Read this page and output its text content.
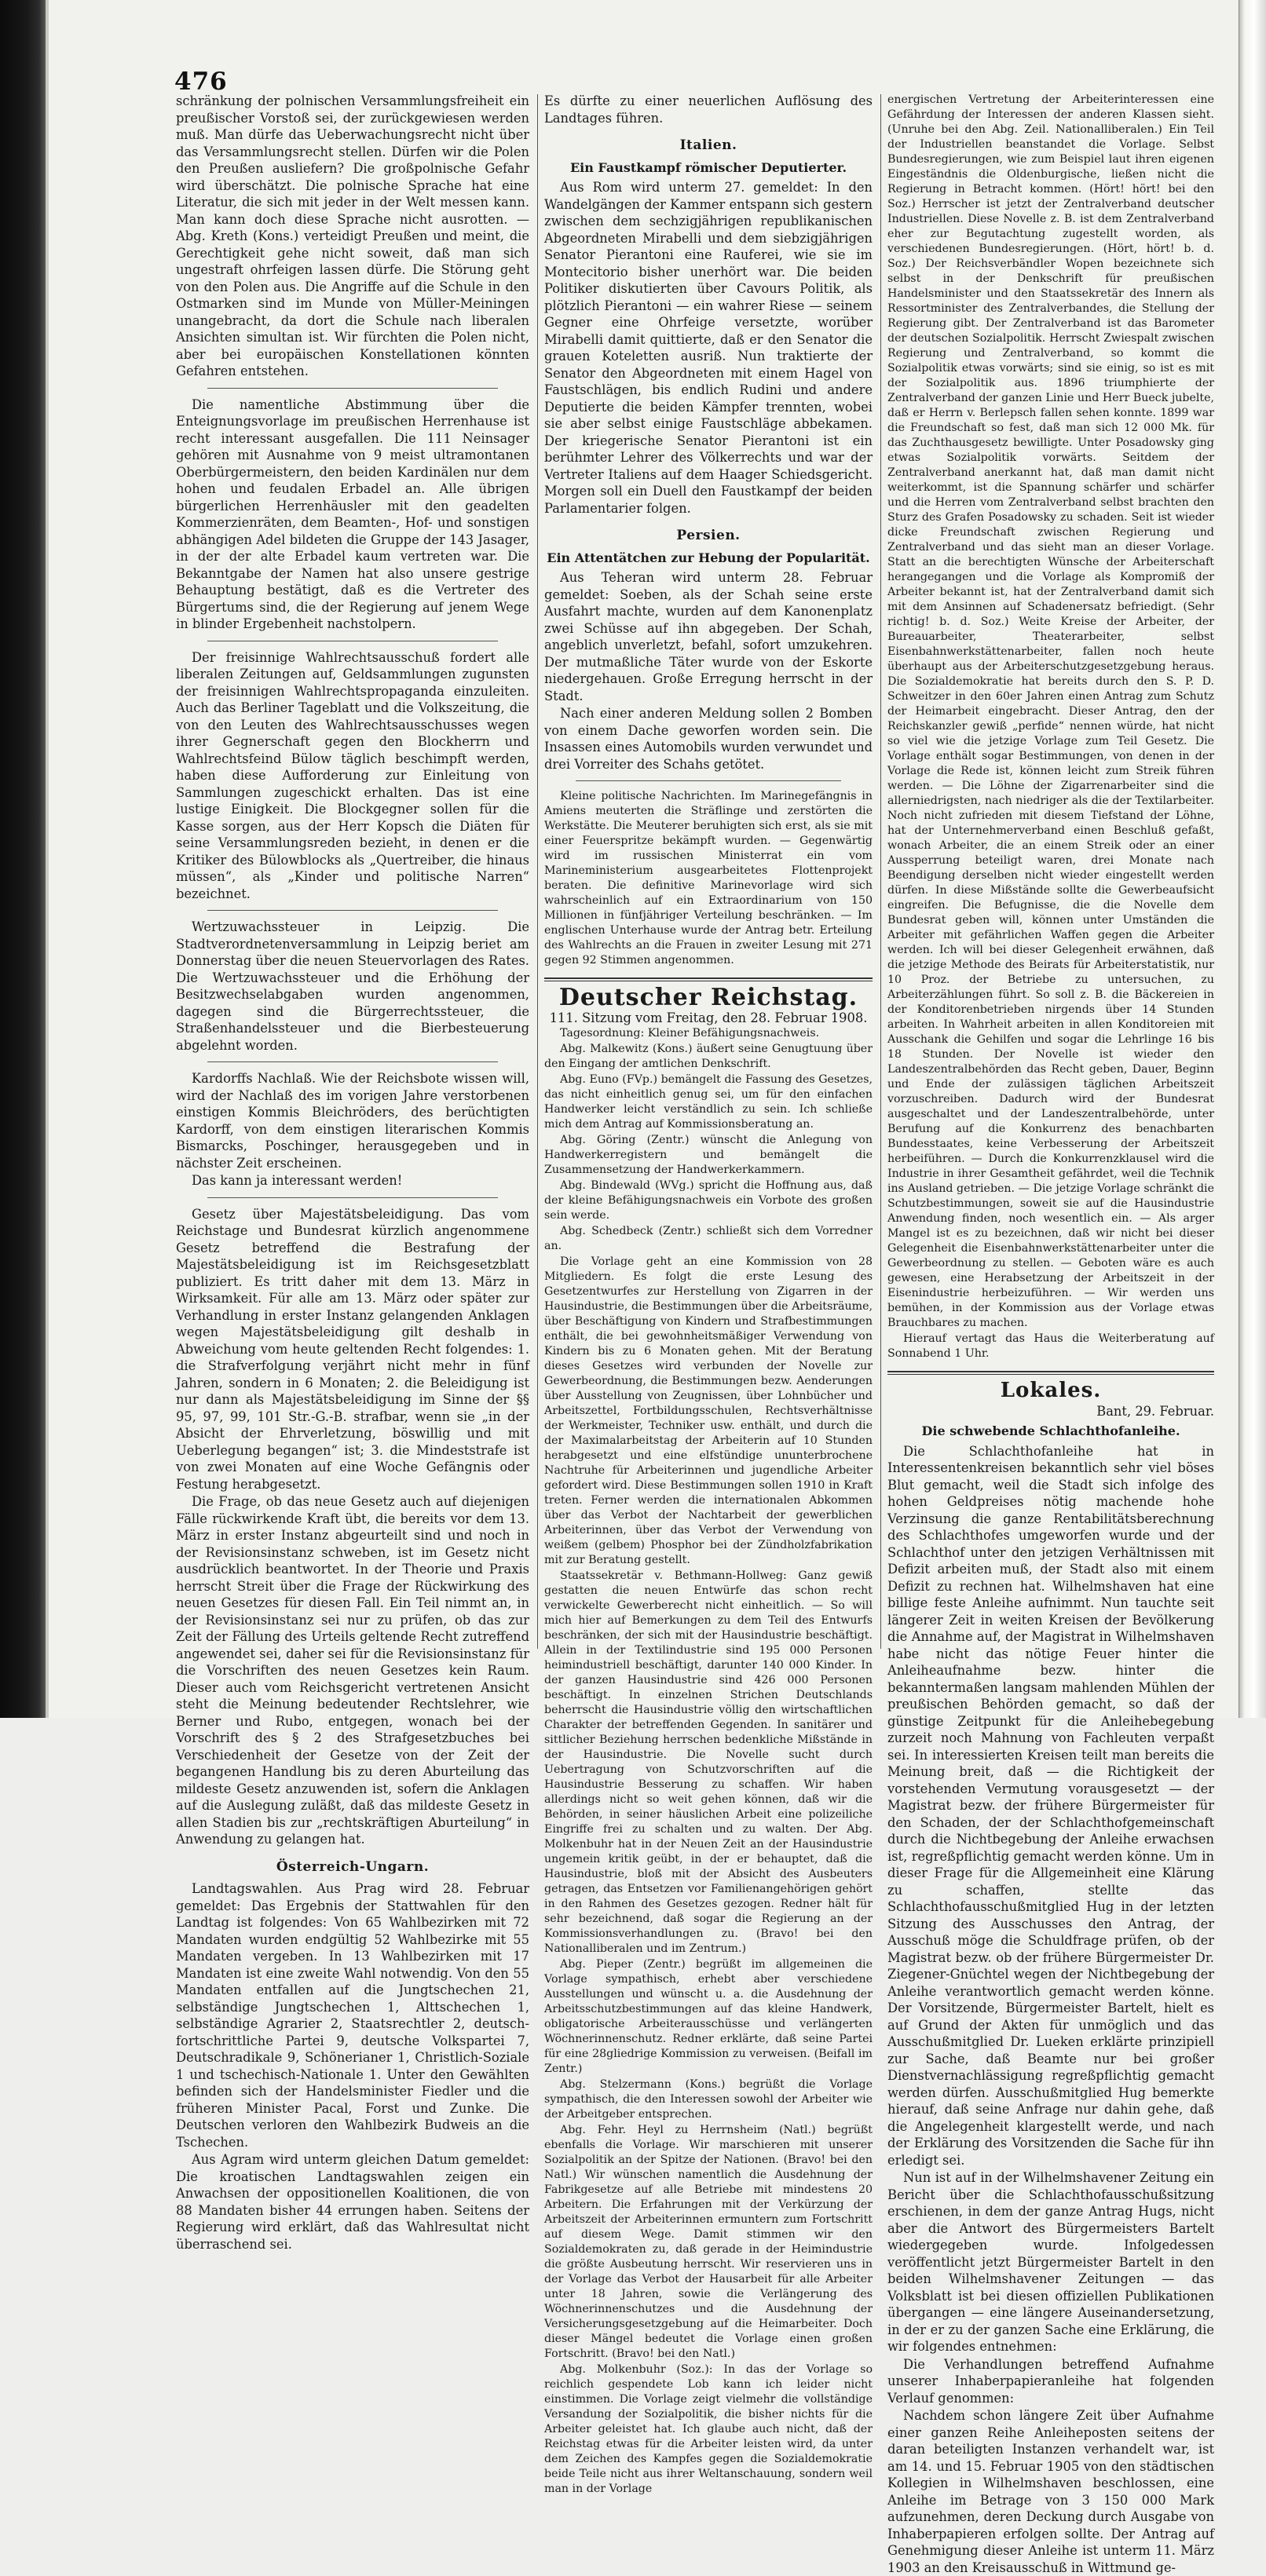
476

schränkung der polnischen Versammlungsfreiheit ein preußischer Vorstoß sei, der zurückgewiesen werden muß. Man dürfe das Ueberwachungsrecht nicht über das Versammlungsrecht stellen. Dürfen wir die Polen den Preußen ausliefern? Die großpolnische Gefahr wird überschätzt. Die polnische Sprache hat eine Literatur, die sich mit jeder in der Welt messen kann. Man kann doch diese Sprache nicht ausrotten. — Abg. Kreth (Kons.) verteidigt Preußen und meint, die Gerechtigkeit gehe nicht soweit, daß man sich ungestraft ohrfeigen lassen dürfe. Die Störung geht von den Polen aus. Die Angriffe auf die Schule in den Ostmarken sind im Munde von Müller-Meiningen unangebracht, da dort die Schule nach liberalen Ansichten simultan ist. Wir fürchten die Polen nicht, aber bei europäischen Konstellationen könnten Gefahren entstehen.

Die namentliche Abstimmung über die Enteignungsvorlage im preußischen Herrenhause ist recht interessant ausgefallen. Die 111 Neinsager gehören mit Ausnahme von 9 meist ultramontanen Oberbürgermeistern, den beiden Kardinälen nur dem hohen und feudalen Erbadel an. Alle übrigen bürgerlichen Herrenhäusler mit den geadelten Kommerzienräten, dem Beamten-, Hof- und sonstigen abhängigen Adel bildeten die Gruppe der 143 Jasager, in der der alte Erbadel kaum vertreten war. Die Bekanntgabe der Namen hat also unsere gestrige Behauptung bestätigt, daß es die Vertreter des Bürgertums sind, die der Regierung auf jenem Wege in blinder Ergebenheit nachstolpern.

Der freisinnige Wahlrechtsausschuß fordert alle liberalen Zeitungen auf, Geldsammlungen zugunsten der freisinnigen Wahlrechtspropaganda einzuleiten. Auch das Berliner Tageblatt und die Volkszeitung, die von den Leuten des Wahlrechtsausschusses wegen ihrer Gegnerschaft gegen den Blockherrn und Wahlrechtsfeind Bülow täglich beschimpft werden, haben diese Aufforderung zur Einleitung von Sammlungen zugeschickt erhalten. Das ist eine lustige Einigkeit. Die Blockgegner sollen für die Kasse sorgen, aus der Herr Kopsch die Diäten für seine Versammlungsreden bezieht, in denen er die Kritiker des Bülowblocks als „Quertreiber, die hinaus müssen“, als „Kinder und politische Narren“ bezeichnet.

Wertzuwachssteuer in Leipzig. Die Stadtverordnetenversammlung in Leipzig beriet am Donnerstag über die neuen Steuervorlagen des Rates. Die Wertzuwachssteuer und die Erhöhung der Besitzwechselabgaben wurden angenommen, dagegen sind die Bürgerrechtssteuer, die Straßenhandelssteuer und die Bierbesteuerung abgelehnt worden.

Kardorffs Nachlaß. Wie der Reichsbote wissen will, wird der Nachlaß des im vorigen Jahre verstorbenen einstigen Kommis Bleichröders, des berüchtigten Kardorff, von dem einstigen literarischen Kommis Bismarcks, Poschinger, herausgegeben und in nächster Zeit erscheinen.

Das kann ja interessant werden!

Gesetz über Majestätsbeleidigung. Das vom Reichstage und Bundesrat kürzlich angenommene Gesetz betreffend die Bestrafung der Majestätsbeleidigung ist im Reichsgesetzblatt publiziert. Es tritt daher mit dem 13. März in Wirksamkeit. Für alle am 13. März oder später zur Verhandlung in erster Instanz gelangenden Anklagen wegen Majestätsbeleidigung gilt deshalb in Abweichung vom heute geltenden Recht folgendes: 1. die Strafverfolgung verjährt nicht mehr in fünf Jahren, sondern in 6 Monaten; 2. die Beleidigung ist nur dann als Majestätsbeleidigung im Sinne der §§ 95, 97, 99, 101 Str.-G.-B. strafbar, wenn sie „in der Absicht der Ehrverletzung, böswillig und mit Ueberlegung begangen“ ist; 3. die Mindeststrafe ist von zwei Monaten auf eine Woche Gefängnis oder Festung herabgesetzt.

Die Frage, ob das neue Gesetz auch auf diejenigen Fälle rückwirkende Kraft übt, die bereits vor dem 13. März in erster Instanz abgeurteilt sind und noch in der Revisionsinstanz schweben, ist im Gesetz nicht ausdrücklich beantwortet. In der Theorie und Praxis herrscht Streit über die Frage der Rückwirkung des neuen Gesetzes für diesen Fall. Ein Teil nimmt an, in der Revisionsinstanz sei nur zu prüfen, ob das zur Zeit der Fällung des Urteils geltende Recht zutreffend angewendet sei, daher sei für die Revisionsinstanz für die Vorschriften des neuen Gesetzes kein Raum. Dieser auch vom Reichsgericht vertretenen Ansicht steht die Meinung bedeutender Rechtslehrer, wie Berner und Rubo, entgegen, wonach bei der Vorschrift des § 2 des Strafgesetzbuches bei Verschiedenheit der Gesetze von der Zeit der begangenen Handlung bis zu deren Aburteilung das mildeste Gesetz anzuwenden ist, sofern die Anklagen auf die Auslegung zuläßt, daß das mildeste Gesetz in allen Stadien bis zur „rechtskräftigen Aburteilung“ in Anwendung zu gelangen hat.

Österreich-Ungarn.

Landtagswahlen. Aus Prag wird 28. Februar gemeldet: Das Ergebnis der Stattwahlen für den Landtag ist folgendes: Von 65 Wahlbezirken mit 72 Mandaten wurden endgültig 52 Wahlbezirke mit 55 Mandaten vergeben. In 13 Wahlbezirken mit 17 Mandaten ist eine zweite Wahl notwendig. Von den 55 Mandaten entfallen auf die Jungtschechen 21, selbständige Jungtschechen 1, Alttschechen 1, selbständige Agrarier 2, Staatsrechtler 2, deutsch-fortschrittliche Partei 9, deutsche Volkspartei 7, Deutschradikale 9, Schönerianer 1, Christlich-Soziale 1 und tschechisch-Nationale 1. Unter den Gewählten befinden sich der Handelsminister Fiedler und die früheren Minister Pacal, Forst und Zunke. Die Deutschen verloren den Wahlbezirk Budweis an die Tschechen.

Aus Agram wird unterm gleichen Datum gemeldet: Die kroatischen Landtagswahlen zeigen ein Anwachsen der oppositionellen Koalitionen, die von 88 Mandaten bisher 44 errungen haben. Seitens der Regierung wird erklärt, daß das Wahlresultat nicht überraschend sei.

Es dürfte zu einer neuerlichen Auflösung des Landtages führen.

Italien.
Ein Faustkampf römischer Deputierter.

Aus Rom wird unterm 27. gemeldet: In den Wandelgängen der Kammer entspann sich gestern zwischen dem sechzigjährigen republikanischen Abgeordneten Mirabelli und dem siebzigjährigen Senator Pierantoni eine Rauferei, wie sie im Montecitorio bisher unerhört war. Die beiden Politiker diskutierten über Cavours Politik, als plötzlich Pierantoni — ein wahrer Riese — seinem Gegner eine Ohrfeige versetzte, worüber Mirabelli damit quittierte, daß er den Senator die grauen Koteletten ausriß. Nun traktierte der Senator den Abgeordneten mit einem Hagel von Faustschlägen, bis endlich Rudini und andere Deputierte die beiden Kämpfer trennten, wobei sie aber selbst einige Faustschläge abbekamen. Der kriegerische Senator Pierantoni ist ein berühmter Lehrer des Völkerrechts und war der Vertreter Italiens auf dem Haager Schiedsgericht. Morgen soll ein Duell den Faustkampf der beiden Parlamentarier folgen.

Persien.
Ein Attentätchen zur Hebung der Popularität.

Aus Teheran wird unterm 28. Februar gemeldet: Soeben, als der Schah seine erste Ausfahrt machte, wurden auf dem Kanonenplatz zwei Schüsse auf ihn abgegeben. Der Schah, angeblich unverletzt, befahl, sofort umzukehren. Der mutmaßliche Täter wurde von der Eskorte niedergehauen. Große Erregung herrscht in der Stadt.

Nach einer anderen Meldung sollen 2 Bomben von einem Dache geworfen worden sein. Die Insassen eines Automobils wurden verwundet und drei Vorreiter des Schahs getötet.

Kleine politische Nachrichten. Im Marinegefängnis in Amiens meuterten die Sträflinge und zerstörten die Werkstätte. Die Meuterer beruhigten sich erst, als sie mit einer Feuerspritze bekämpft wurden. — Gegenwärtig wird im russischen Ministerrat ein vom Marineministerium ausgearbeitetes Flottenprojekt beraten. Die definitive Marinevorlage wird sich wahrscheinlich auf ein Extraordinarium von 150 Millionen in fünfjähriger Verteilung beschränken. — Im englischen Unterhause wurde der Antrag betr. Erteilung des Wahlrechts an die Frauen in zweiter Lesung mit 271 gegen 92 Stimmen angenommen.

Deutscher Reichstag.
111. Sitzung vom Freitag, den 28. Februar 1908.

Tagesordnung: Kleiner Befähigungsnachweis.

Abg. Malkewitz (Kons.) äußert seine Genugtuung über den Eingang der amtlichen Denkschrift.

Abg. Euno (FVp.) bemängelt die Fassung des Gesetzes, das nicht einheitlich genug sei, um für den einfachen Handwerker leicht verständlich zu sein. Ich schließe mich dem Antrag auf Kommissionsberatung an.

Abg. Göring (Zentr.) wünscht die Anlegung von Handwerkerregistern und bemängelt die Zusammensetzung der Handwerkerkammern.

Abg. Bindewald (WVg.) spricht die Hoffnung aus, daß der kleine Befähigungsnachweis ein Vorbote des großen sein werde.

Abg. Schedbeck (Zentr.) schließt sich dem Vorredner an.

Die Vorlage geht an eine Kommission von 28 Mitgliedern. Es folgt die erste Lesung des Gesetzentwurfes zur Herstellung von Zigarren in der Hausindustrie, die Bestimmungen über die Arbeitsräume, über Beschäftigung von Kindern und Strafbestimmungen enthält, die bei gewohnheitsmäßiger Verwendung von Kindern bis zu 6 Monaten gehen. Mit der Beratung dieses Gesetzes wird verbunden der Novelle zur Gewerbeordnung, die Bestimmungen bezw. Aenderungen über Ausstellung von Zeugnissen, über Lohnbücher und Arbeitszettel, Fortbildungsschulen, Rechtsverhältnisse der Werkmeister, Techniker usw. enthält, und durch die der Maximalarbeitstag der Arbeiterin auf 10 Stunden herabgesetzt und eine elfstündige ununterbrochene Nachtruhe für Arbeiterinnen und jugendliche Arbeiter gefordert wird. Diese Bestimmungen sollen 1910 in Kraft treten. Ferner werden die internationalen Abkommen über das Verbot der Nachtarbeit der gewerblichen Arbeiterinnen, über das Verbot der Verwendung von weißem (gelbem) Phosphor bei der Zündholzfabrikation mit zur Beratung gestellt.

Staatssekretär v. Bethmann-Hollweg: Ganz gewiß gestatten die neuen Entwürfe das schon recht verwickelte Gewerberecht nicht einheitlich. — So will mich hier auf Bemerkungen zu dem Teil des Entwurfs beschränken, der sich mit der Hausindustrie beschäftigt. Allein in der Textilindustrie sind 195 000 Personen heimindustriell beschäftigt, darunter 140 000 Kinder. In der ganzen Hausindustrie sind 426 000 Personen beschäftigt. In einzelnen Strichen Deutschlands beherrscht die Hausindustrie völlig den wirtschaftlichen Charakter der betreffenden Gegenden. In sanitärer und sittlicher Beziehung herrschen bedenkliche Mißstände in der Hausindustrie. Die Novelle sucht durch Uebertragung von Schutzvorschriften auf die Hausindustrie Besserung zu schaffen. Wir haben allerdings nicht so weit gehen können, daß wir die Behörden, in seiner häuslichen Arbeit eine polizeiliche Eingriffe frei zu schalten und zu walten. Der Abg. Molkenbuhr hat in der Neuen Zeit an der Hausindustrie ungemein kritik geübt, in der er behauptet, daß die Hausindustrie, bloß mit der Absicht des Ausbeuters getragen, das Entsetzen vor Familienangehörigen gehört in den Rahmen des Gesetzes gezogen. Redner hält für sehr bezeichnend, daß sogar die Regierung an der Kommissionsverhandlungen zu. (Bravo! bei den Nationalliberalen und im Zentrum.)

Abg. Pieper (Zentr.) begrüßt im allgemeinen die Vorlage sympathisch, erhebt aber verschiedene Ausstellungen und wünscht u. a. die Ausdehnung der Arbeitsschutzbestimmungen auf das kleine Handwerk, obligatorische Arbeiterausschüsse und verlängerten Wöchnerinnenschutz. Redner erklärte, daß seine Partei für eine 28gliedrige Kommission zu verweisen. (Beifall im Zentr.)

Abg. Stelzermann (Kons.) begrüßt die Vorlage sympathisch, die den Interessen sowohl der Arbeiter wie der Arbeitgeber entsprechen.

Abg. Fehr. Heyl zu Herrnsheim (Natl.) begrüßt ebenfalls die Vorlage. Wir marschieren mit unserer Sozialpolitik an der Spitze der Nationen. (Bravo! bei den Natl.) Wir wünschen namentlich die Ausdehnung der Fabrikgesetze auf alle Betriebe mit mindestens 20 Arbeitern. Die Erfahrungen mit der Verkürzung der Arbeitszeit der Arbeiterinnen ermuntern zum Fortschritt auf diesem Wege. Damit stimmen wir den Sozialdemokraten zu, daß gerade in der Heimindustrie die größte Ausbeutung herrscht. Wir reservieren uns in der Vorlage das Verbot der Hausarbeit für alle Arbeiter unter 18 Jahren, sowie die Verlängerung des Wöchnerinnenschutzes und die Ausdehnung der Versicherungsgesetzgebung auf die Heimarbeiter. Doch dieser Mängel bedeutet die Vorlage einen großen Fortschritt. (Bravo! bei den Natl.)

Abg. Molkenbuhr (Soz.): In das der Vorlage so reichlich gespendete Lob kann ich leider nicht einstimmen. Die Vorlage zeigt vielmehr die vollständige Versandung der Sozialpolitik, die bisher nichts für die Arbeiter geleistet hat. Ich glaube auch nicht, daß der Reichstag etwas für die Arbeiter leisten wird, da unter dem Zeichen des Kampfes gegen die Sozialdemokratie beide Teile nicht aus ihrer Weltanschauung, sondern weil man in der Vorlage

energischen Vertretung der Arbeiterinteressen eine Gefährdung der Interessen der anderen Klassen sieht. (Unruhe bei den Abg. Zeil. Nationalliberalen.) Ein Teil der Industriellen beanstandet die Vorlage. Selbst Bundesregierungen, wie zum Beispiel laut ihren eigenen Eingeständnis die Oldenburgische, ließen nicht die Regierung in Betracht kommen. (Hört! hört! bei den Soz.) Herrscher ist jetzt der Zentralverband deutscher Industriellen. Diese Novelle z. B. ist dem Zentralverband eher zur Begutachtung zugestellt worden, als verschiedenen Bundesregierungen. (Hört, hört! b. d. Soz.) Der Reichsverbändler Wopen bezeichnete sich selbst in der Denkschrift für preußischen Handelsminister und den Staatssekretär des Innern als Ressortminister des Zentralverbandes, die Stellung der Regierung gibt. Der Zentralverband ist das Barometer der deutschen Sozialpolitik. Herrscht Zwiespalt zwischen Regierung und Zentralverband, so kommt die Sozialpolitik etwas vorwärts; sind sie einig, so ist es mit der Sozialpolitik aus. 1896 triumphierte der Zentralverband der ganzen Linie und Herr Bueck jubelte, daß er Herrn v. Berlepsch fallen sehen konnte. 1899 war die Freundschaft so fest, daß man sich 12 000 Mk. für das Zuchthausgesetz bewilligte. Unter Posadowsky ging etwas Sozialpolitik vorwärts. Seitdem der Zentralverband anerkannt hat, daß man damit nicht weiterkommt, ist die Spannung schärfer und schärfer und die Herren vom Zentralverband selbst brachten den Sturz des Grafen Posadowsky zu schaden. Seit ist wieder dicke Freundschaft zwischen Regierung und Zentralverband und das sieht man an dieser Vorlage. Statt an die berechtigten Wünsche der Arbeiterschaft herangegangen und die Vorlage als Kompromiß der Arbeiter bekannt ist, hat der Zentralverband damit sich mit dem Ansinnen auf Schadenersatz befriedigt. (Sehr richtig! b. d. Soz.) Weite Kreise der Arbeiter, der Bureauarbeiter, Theaterarbeiter, selbst Eisenbahnwerkstättenarbeiter, fallen noch heute überhaupt aus der Arbeiterschutzgesetzgebung heraus. Die Sozialdemokratie hat bereits durch den S. P. D. Schweitzer in den 60er Jahren einen Antrag zum Schutz der Heimarbeit eingebracht. Dieser Antrag, den der Reichskanzler gewiß „perfide“ nennen würde, hat nicht so viel wie die jetzige Vorlage zum Teil Gesetz. Die Vorlage enthält sogar Bestimmungen, von denen in der Vorlage die Rede ist, können leicht zum Streik führen werden. — Die Löhne der Zigarrenarbeiter sind die allerniedrigsten, nach niedriger als die der Textilarbeiter. Noch nicht zufrieden mit diesem Tiefstand der Löhne, hat der Unternehmerverband einen Beschluß gefaßt, wonach Arbeiter, die an einem Streik oder an einer Aussperrung beteiligt waren, drei Monate nach Beendigung derselben nicht wieder eingestellt werden dürfen. In diese Mißstände sollte die Gewerbeaufsicht eingreifen. Die Befugnisse, die die Novelle dem Bundesrat geben will, können unter Umständen die Arbeiter mit gefährlichen Waffen gegen die Arbeiter werden. Ich will bei dieser Gelegenheit erwähnen, daß die jetzige Methode des Beirats für Arbeiterstatistik, nur 10 Proz. der Betriebe zu untersuchen, zu Arbeiterzählungen führt. So soll z. B. die Bäckereien in der Konditorenbetrieben nirgends über 14 Stunden arbeiten. In Wahrheit arbeiten in allen Konditoreien mit Ausschank die Gehilfen und sogar die Lehrlinge 16 bis 18 Stunden. Der Novelle ist wieder den Landeszentralbehörden das Recht geben, Dauer, Beginn und Ende der zulässigen täglichen Arbeitszeit vorzuschreiben. Dadurch wird der Bundesrat ausgeschaltet und der Landeszentralbehörde, unter Berufung auf die Konkurrenz des benachbarten Bundesstaates, keine Verbesserung der Arbeitszeit herbeiführen. — Durch die Konkurrenzklausel wird die Industrie in ihrer Gesamtheit gefährdet, weil die Technik ins Ausland getrieben. — Die jetzige Vorlage schränkt die Schutzbestimmungen, soweit sie auf die Hausindustrie Anwendung finden, noch wesentlich ein. — Als arger Mangel ist es zu bezeichnen, daß wir nicht bei dieser Gelegenheit die Eisenbahnwerkstättenarbeiter unter die Gewerbeordnung zu stellen. — Geboten wäre es auch gewesen, eine Herabsetzung der Arbeitszeit in der Eisenindustrie herbeizuführen. — Wir werden uns bemühen, in der Kommission aus der Vorlage etwas Brauchbares zu machen.

Hierauf vertagt das Haus die Weiterberatung auf Sonnabend 1 Uhr.

Lokales.
Bant, 29. Februar.
Die schwebende Schlachthofanleihe.

Die Schlachthofanleihe hat in Interessentenkreisen bekanntlich sehr viel böses Blut gemacht, weil die Stadt sich infolge des hohen Geldpreises nötig machende hohe Verzinsung die ganze Rentabilitätsberechnung des Schlachthofes umgeworfen wurde und der Schlachthof unter den jetzigen Verhältnissen mit Defizit arbeiten muß, der Stadt also mit einem Defizit zu rechnen hat. Wilhelmshaven hat eine billige feste Anleihe aufnimmt. Nun tauchte seit längerer Zeit in weiten Kreisen der Bevölkerung die Annahme auf, der Magistrat in Wilhelmshaven habe nicht das nötige Feuer hinter die Anleiheaufnahme bezw. hinter die bekanntermaßen langsam mahlenden Mühlen der preußischen Behörden gemacht, so daß der günstige Zeitpunkt für die Anleihebegebung zurzeit noch Mahnung von Fachleuten verpaßt sei. In interessierten Kreisen teilt man bereits die Meinung breit, daß — die Richtigkeit der vorstehenden Vermutung vorausgesetzt — der Magistrat bezw. der frühere Bürgermeister für den Schaden, der der Schlachthofgemeinschaft durch die Nichtbegebung der Anleihe erwachsen ist, regreßpflichtig gemacht werden könne. Um in dieser Frage für die Allgemeinheit eine Klärung zu schaffen, stellte das Schlachthofausschußmitglied Hug in der letzten Sitzung des Ausschusses den Antrag, der Ausschuß möge die Schuldfrage prüfen, ob der Magistrat bezw. ob der frühere Bürgermeister Dr. Ziegener-Gnüchtel wegen der Nichtbegebung der Anleihe verantwortlich gemacht werden könne. Der Vorsitzende, Bürgermeister Bartelt, hielt es auf Grund der Akten für unmöglich und das Ausschußmitglied Dr. Lueken erklärte prinzipiell zur Sache, daß Beamte nur bei großer Dienstvernachlässigung regreßpflichtig gemacht werden dürfen. Ausschußmitglied Hug bemerkte hierauf, daß seine Anfrage nur dahin gehe, daß die Angelegenheit klargestellt werde, und nach der Erklärung des Vorsitzenden die Sache für ihn erledigt sei.

Nun ist auf in der Wilhelmshavener Zeitung ein Bericht über die Schlachthofausschußsitzung erschienen, in dem der ganze Antrag Hugs, nicht aber die Antwort des Bürgermeisters Bartelt wiedergegeben wurde. Infolgedessen veröffentlicht jetzt Bürgermeister Bartelt in den beiden Wilhelmshavener Zeitungen — das Volksblatt ist bei diesen offiziellen Publikationen übergangen — eine längere Auseinandersetzung, in der er zu der ganzen Sache eine Erklärung, die wir folgendes entnehmen:

Die Verhandlungen betreffend Aufnahme unserer Inhaberpapieranleihe hat folgenden Verlauf genommen:

Nachdem schon längere Zeit über Aufnahme einer ganzen Reihe Anleiheposten seitens der daran beteiligten Instanzen verhandelt war, ist am 14. und 15. Februar 1905 von den städtischen Kollegien in Wilhelmshaven beschlossen, eine Anleihe im Betrage von 3 150 000 Mark aufzunehmen, deren Deckung durch Ausgabe von Inhaberpapieren erfolgen sollte. Der Antrag auf Genehmigung dieser Anleihe ist unterm 11. März 1903 an den Kreisausschuß in Wittmund ge-
